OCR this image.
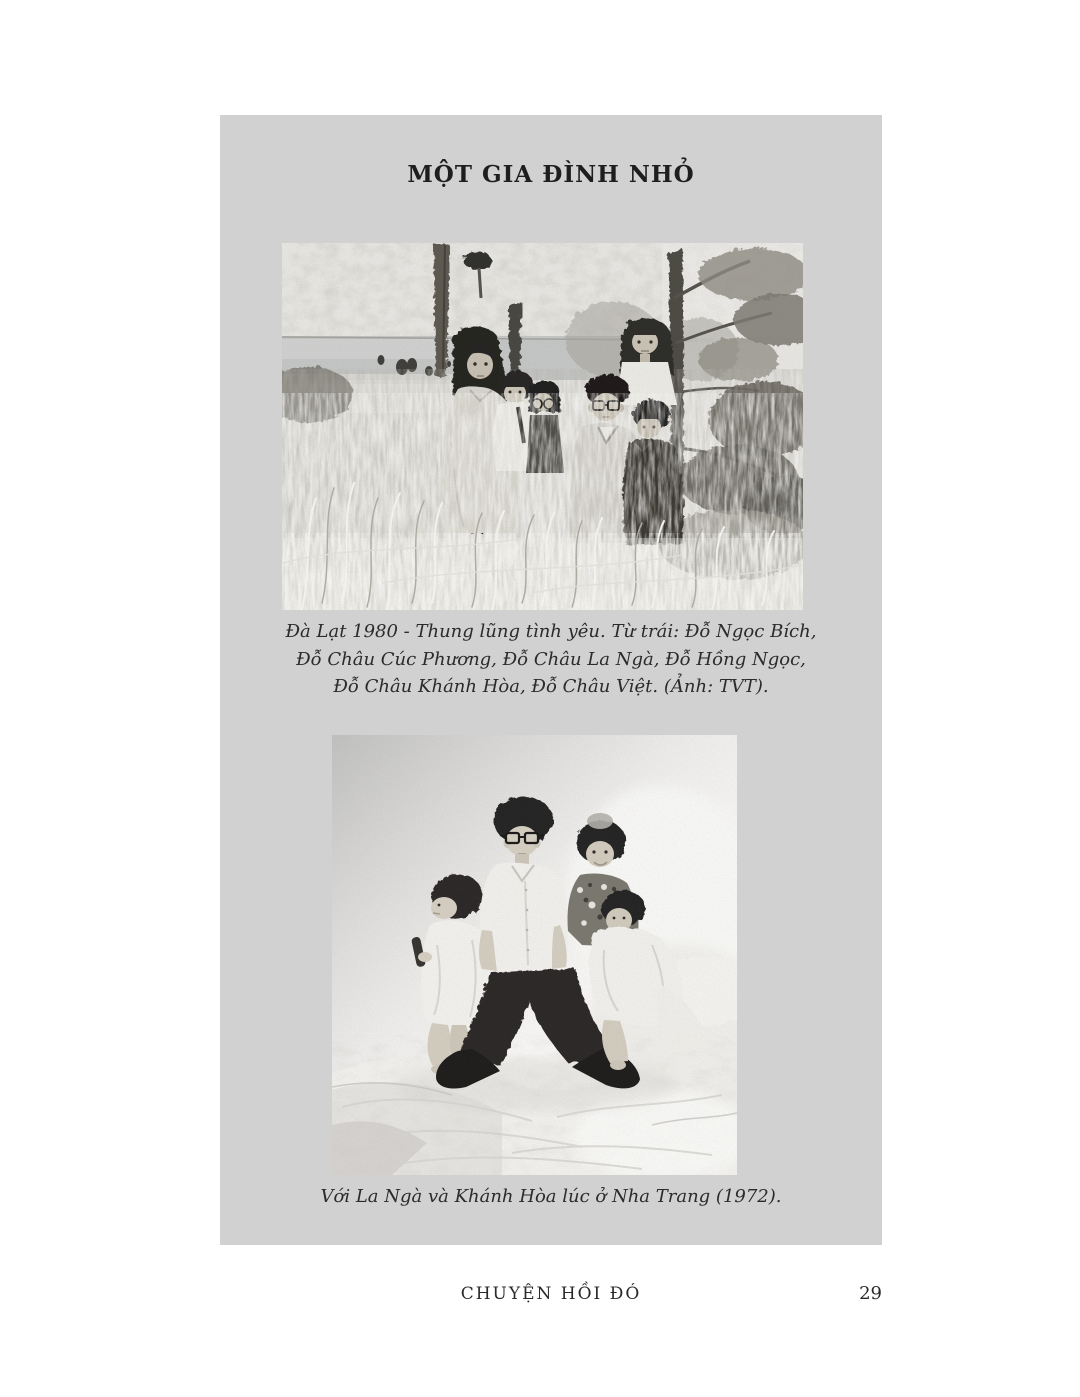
MỘT GIA ĐÌNH NHỎ
Đà Lạt 1980 - Thung lũng tình yêu. Từ trái: Đỗ Ngọc Bích,
Đỗ Châu Cúc Phương, Đỗ Châu La Ngà, Đỗ Hồng Ngọc,
Đỗ Châu Khánh Hòa, Đỗ Châu Việt. (Ảnh: TVT).
Với La Ngà và Khánh Hòa lúc ở Nha Trang (1972).
CHUYỆN HỒI ĐÓ	29
